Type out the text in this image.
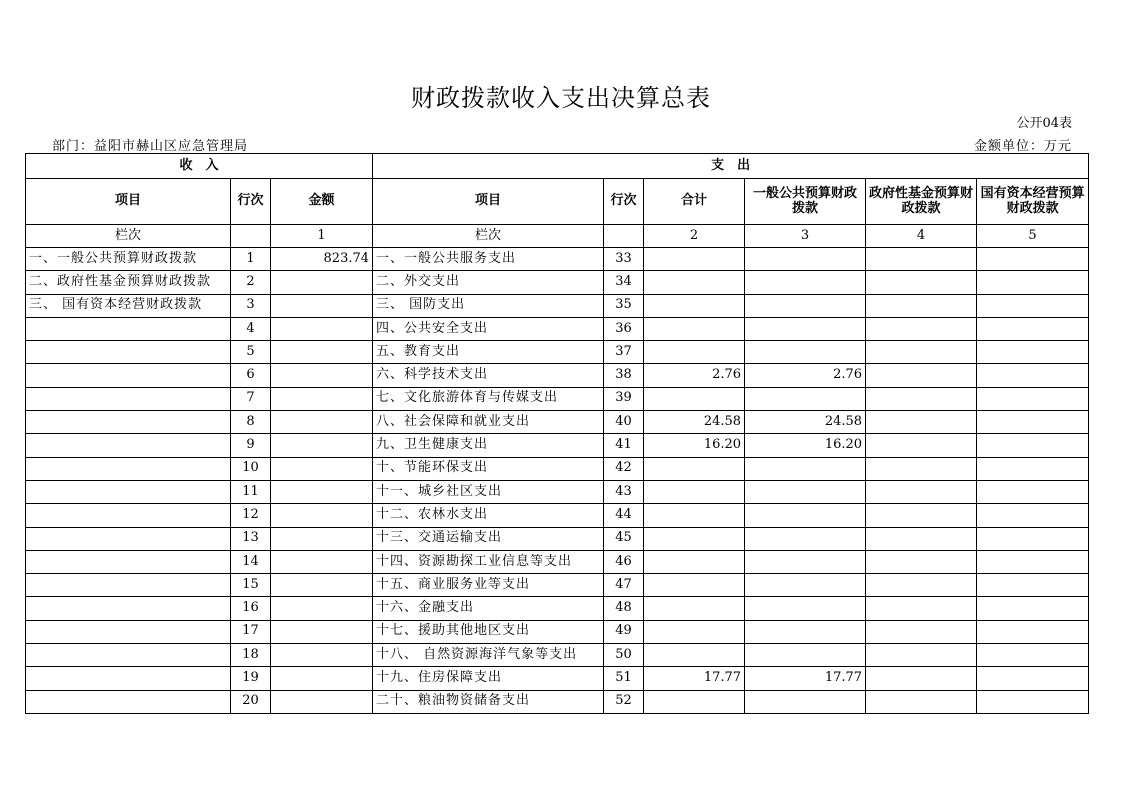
财政拨款收入支出决算总表
公开04表
部门：益阳市赫山区应急管理局	金额单位：万元
收　入			支　出					
项目	行次	金额	项目	行次	合计	一般公共预算财政拨款	政府性基金预算财政拨款	国有资本经营预算财政拨款
栏次		1	栏次		2	3	4	5
一、一般公共预算财政拨款	1	823.74	一、一般公共服务支出	33				
二、政府性基金预算财政拨款	2		二、外交支出	34				
三、 国有资本经营财政拨款	3		三、 国防支出	35				
	4		四、公共安全支出	36				
	5		五、教育支出	37				
	6		六、科学技术支出	38	2.76	2.76		
	7		七、文化旅游体育与传媒支出	39				
	8		八、社会保障和就业支出	40	24.58	24.58		
	9		九、卫生健康支出	41	16.20	16.20		
	10		十、节能环保支出	42				
	11		十一、城乡社区支出	43				
	12		十二、农林水支出	44				
	13		十三、交通运输支出	45				
	14		十四、资源勘探工业信息等支出	46				
	15		十五、商业服务业等支出	47				
	16		十六、金融支出	48				
	17		十七、援助其他地区支出	49				
	18		十八、 自然资源海洋气象等支出	50				
	19		十九、住房保障支出	51	17.77	17.77		
	20		二十、粮油物资储备支出	52				
